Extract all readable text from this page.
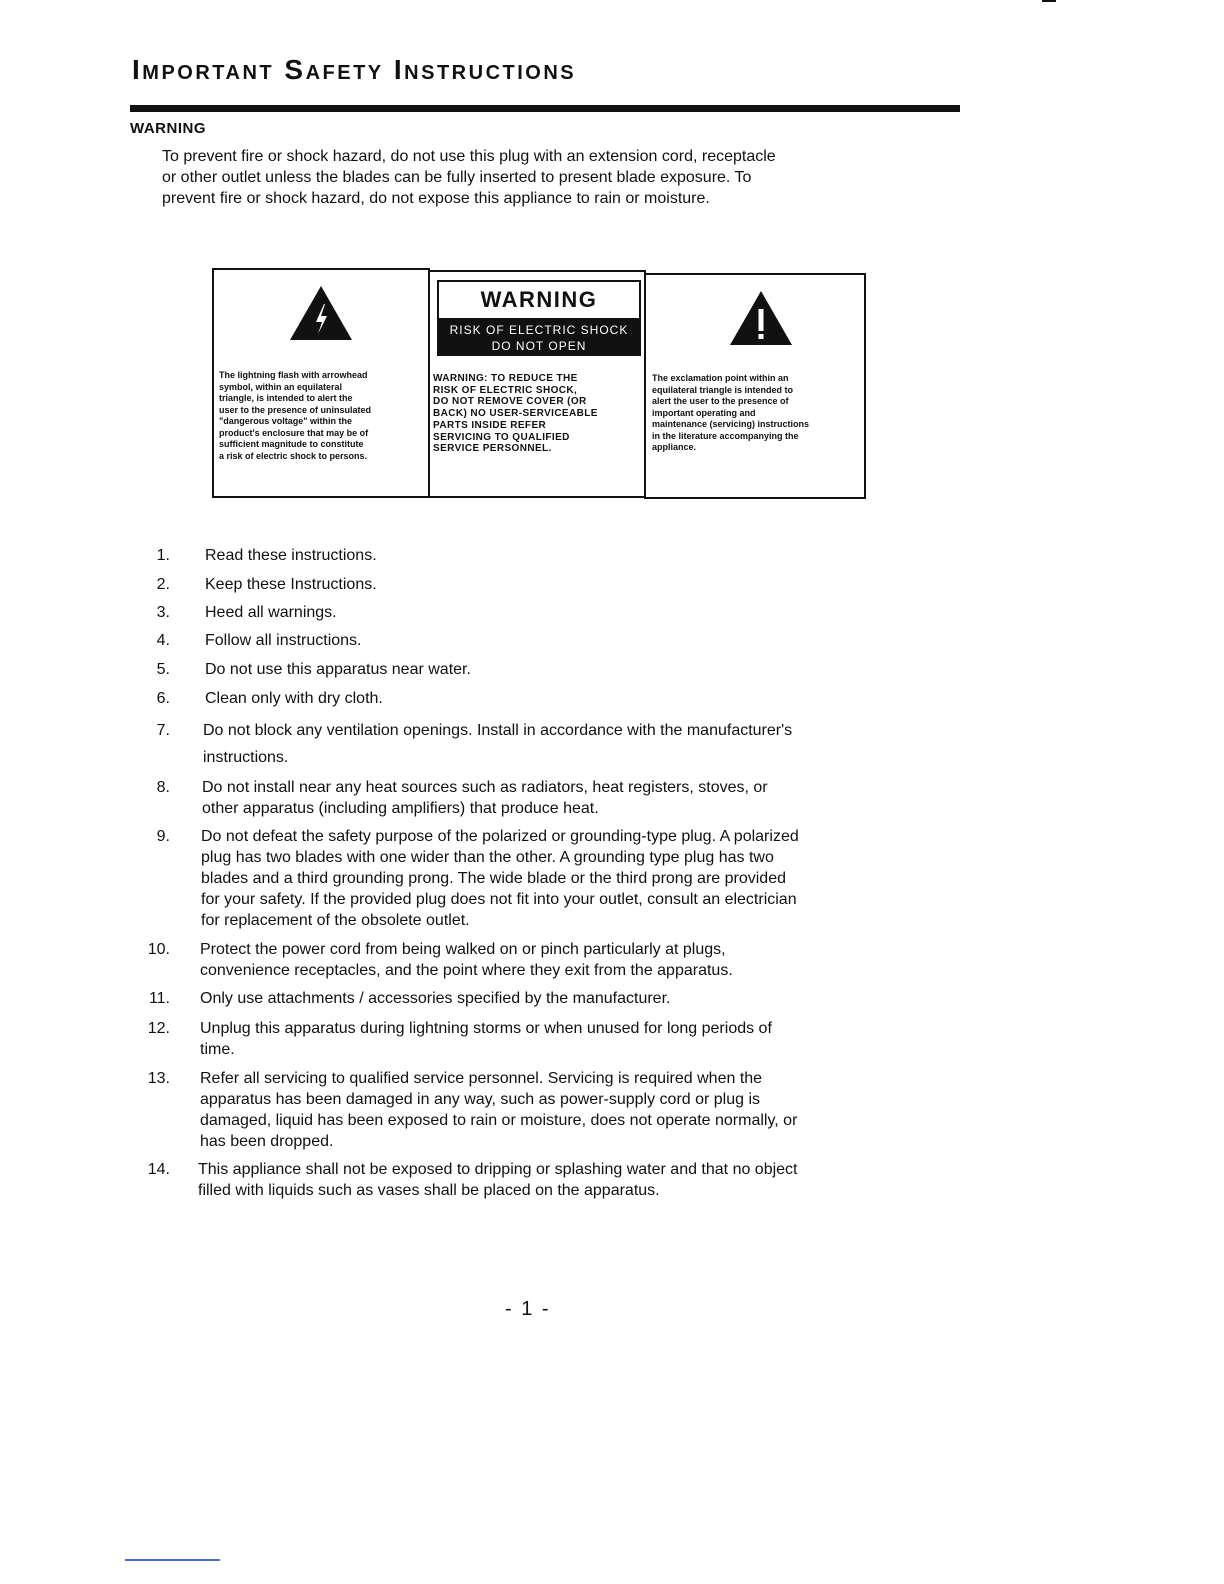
Important Safety Instructions
WARNING
To prevent fire or shock hazard, do not use this plug with an extension cord, receptacle
or other outlet unless the blades can be fully inserted to present blade exposure. To
prevent fire or shock hazard, do not expose this appliance to rain or moisture.
The lightning flash with arrowhead
symbol, within an equilateral
triangle, is intended to alert the
user to the presence of uninsulated
"dangerous voltage" within the
product's enclosure that may be of
sufficient magnitude to constitute
a risk of electric shock to persons.
WARNING
RISK OF ELECTRIC SHOCK
DO NOT OPEN
WARNING: TO REDUCE THE
RISK OF ELECTRIC SHOCK,
DO NOT REMOVE COVER (OR
BACK) NO USER-SERVICEABLE
PARTS INSIDE REFER
SERVICING TO QUALIFIED
SERVICE PERSONNEL.
The exclamation point within an
equilateral triangle is intended to
alert the user to the presence of
important operating and
maintenance (servicing) instructions
in the literature accompanying the
appliance.
1. Read these instructions.
2. Keep these Instructions.
3. Heed all warnings.
4. Follow all instructions.
5. Do not use this apparatus near water.
6. Clean only with dry cloth.
7. Do not block any ventilation openings. Install in accordance with the manufacturer's
instructions.
8. Do not install near any heat sources such as radiators, heat registers, stoves, or
other apparatus (including amplifiers) that produce heat.
9. Do not defeat the safety purpose of the polarized or grounding-type plug. A polarized
plug has two blades with one wider than the other. A grounding type plug has two
blades and a third grounding prong. The wide blade or the third prong are provided
for your safety. If the provided plug does not fit into your outlet, consult an electrician
for replacement of the obsolete outlet.
10. Protect the power cord from being walked on or pinch particularly at plugs,
convenience receptacles, and the point where they exit from the apparatus.
11. Only use attachments / accessories specified by the manufacturer.
12. Unplug this apparatus during lightning storms or when unused for long periods of
time.
13. Refer all servicing to qualified service personnel. Servicing is required when the
apparatus has been damaged in any way, such as power-supply cord or plug is
damaged, liquid has been exposed to rain or moisture, does not operate normally, or
has been dropped.
14. This appliance shall not be exposed to dripping or splashing water and that no object
filled with liquids such as vases shall be placed on the apparatus.
- 1 -
